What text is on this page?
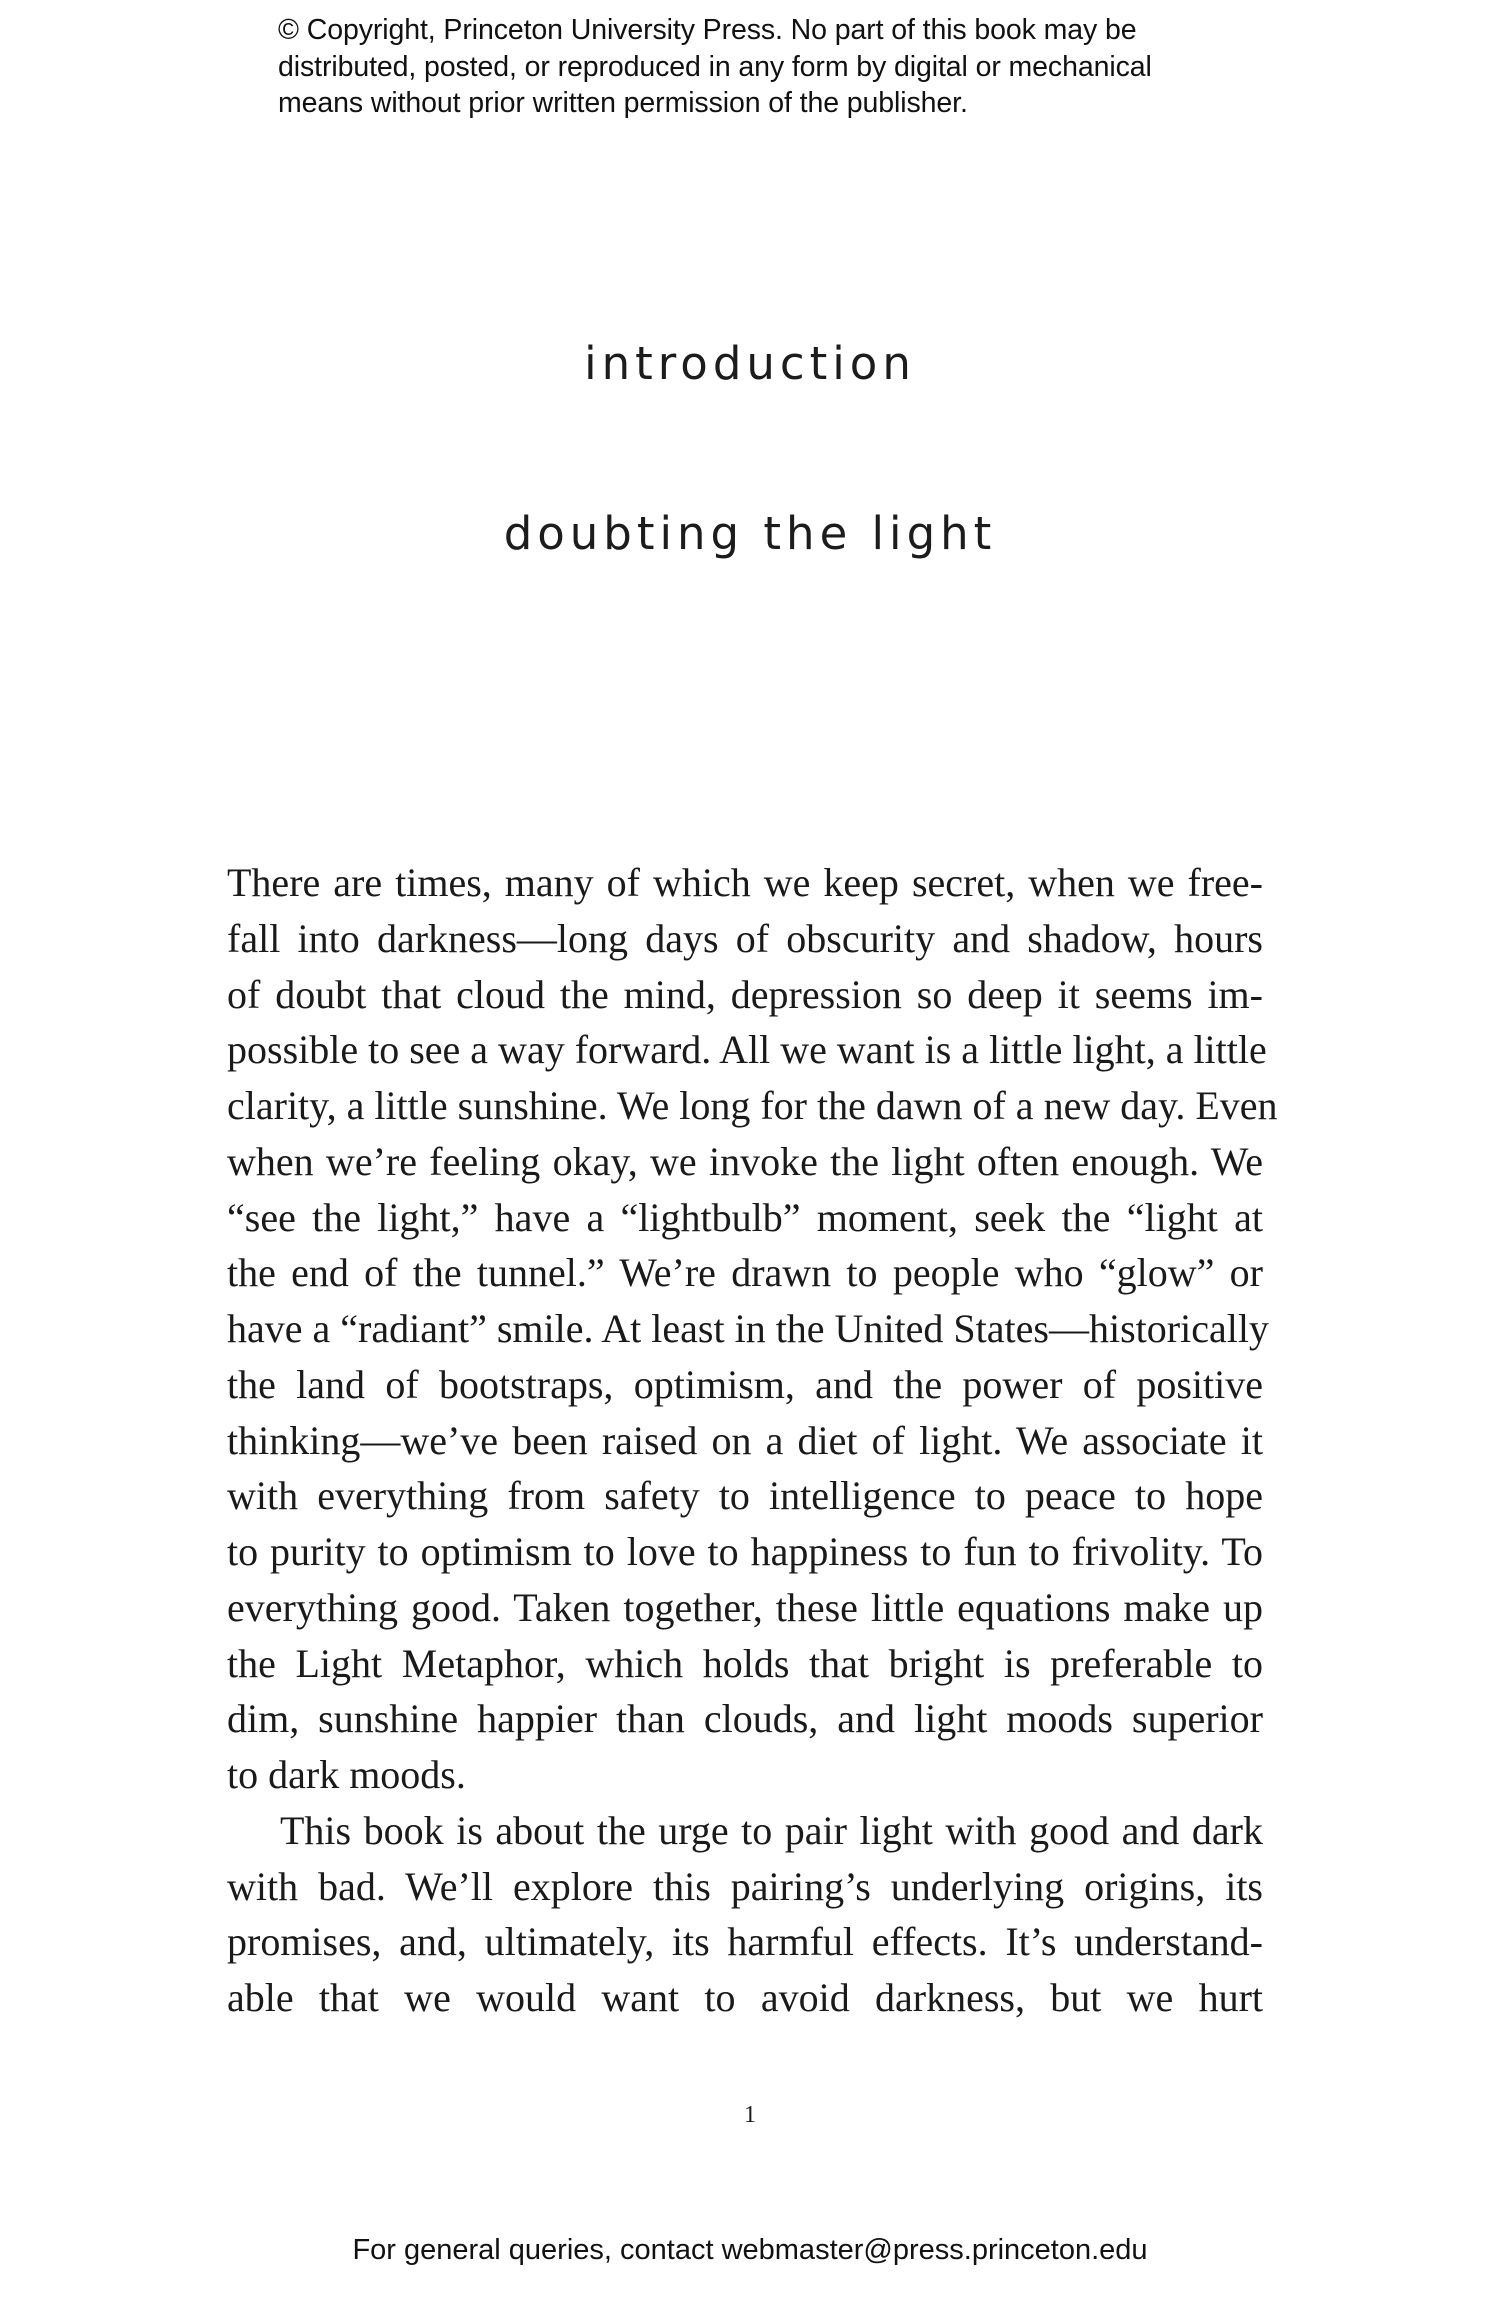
© Copyright, Princeton University Press. No part of this book may be
distributed, posted, or reproduced in any form by digital or mechanical
means without prior written permission of the publisher.
introduction
doubting the light
There are times, many of which we keep secret, when we free-
fall into darkness—long days of obscurity and shadow, hours
of doubt that cloud the mind, depression so deep it seems im-
possible to see a way forward. All we want is a little light, a little
clarity, a little sunshine. We long for the dawn of a new day. Even
when we’re feeling okay, we invoke the light often enough. We
“see the light,” have a “lightbulb” moment, seek the “light at
the end of the tunnel.” We’re drawn to people who “glow” or
have a “radiant” smile. At least in the United States—historically
the land of bootstraps, optimism, and the power of positive
thinking—we’ve been raised on a diet of light. We associate it
with everything from safety to intelligence to peace to hope
to purity to optimism to love to happiness to fun to frivolity. To
everything good. Taken together, these little equations make up
the Light Metaphor, which holds that bright is preferable to
dim, sunshine happier than clouds, and light moods superior
to dark moods.
This book is about the urge to pair light with good and dark
with bad. We’ll explore this pairing’s underlying origins, its
promises, and, ultimately, its harmful effects. It’s understand-
able that we would want to avoid darkness, but we hurt
1
For general queries, contact webmaster@press.princeton.edu
